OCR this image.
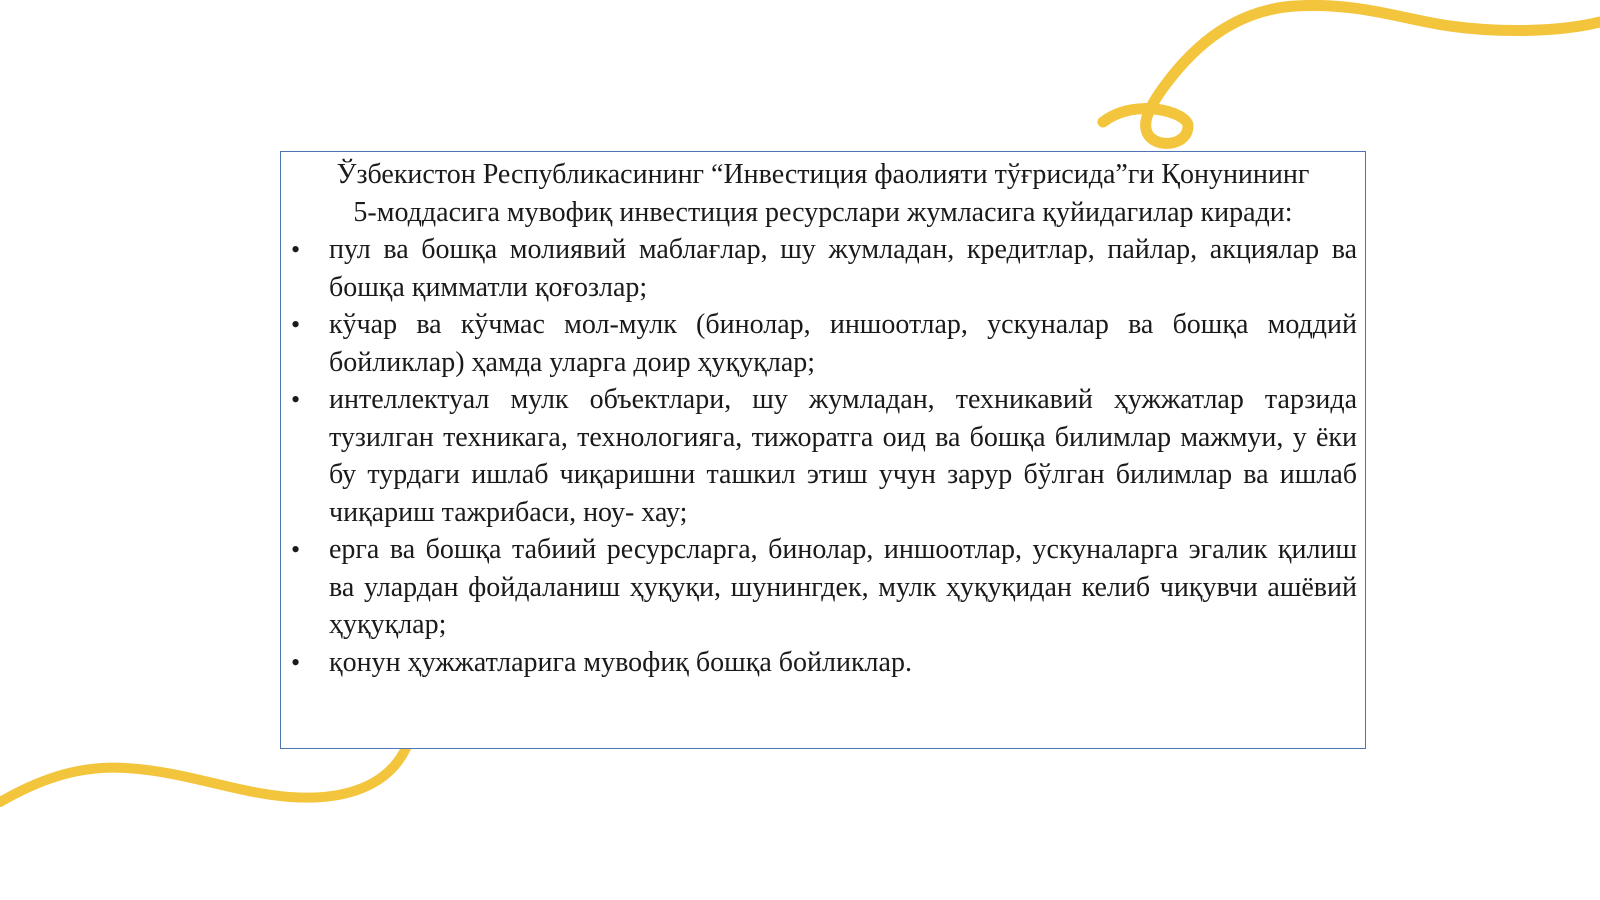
Ўзбекистон Республикасининг “Инвестиция фаолияти тўғрисида”ги Қонунининг 5-моддасига мувофиқ инвестиция ресурслари жумласига қуйидагилар киради:

• пул ва бошқа молиявий маблағлар, шу жумладан, кредитлар, пайлар, акциялар ва бошқа қимматли қоғозлар;
• кўчар ва кўчмас мол-мулк (бинолар, иншоотлар, ускуналар ва бошқа моддий бойликлар) ҳамда уларга доир ҳуқуқлар;
• интеллектуал мулк объектлари, шу жумладан, техникавий ҳужжатлар тарзида тузилган техникага, технологияга, тижоратга оид ва бошқа билимлар мажмуи, у ёки бу турдаги ишлаб чиқаришни ташкил этиш учун зарур бўлган билимлар ва ишлаб чиқариш тажрибаси, ноу- хау;
• ерга ва бошқа табиий ресурсларга, бинолар, иншоотлар, ускуналарга эгалик қилиш ва улардан фойдаланиш ҳуқуқи, шунингдек, мулк ҳуқуқидан келиб чиқувчи ашёвий ҳуқуқлар;
• қонун ҳужжатларига мувофиқ бошқа бойликлар.
